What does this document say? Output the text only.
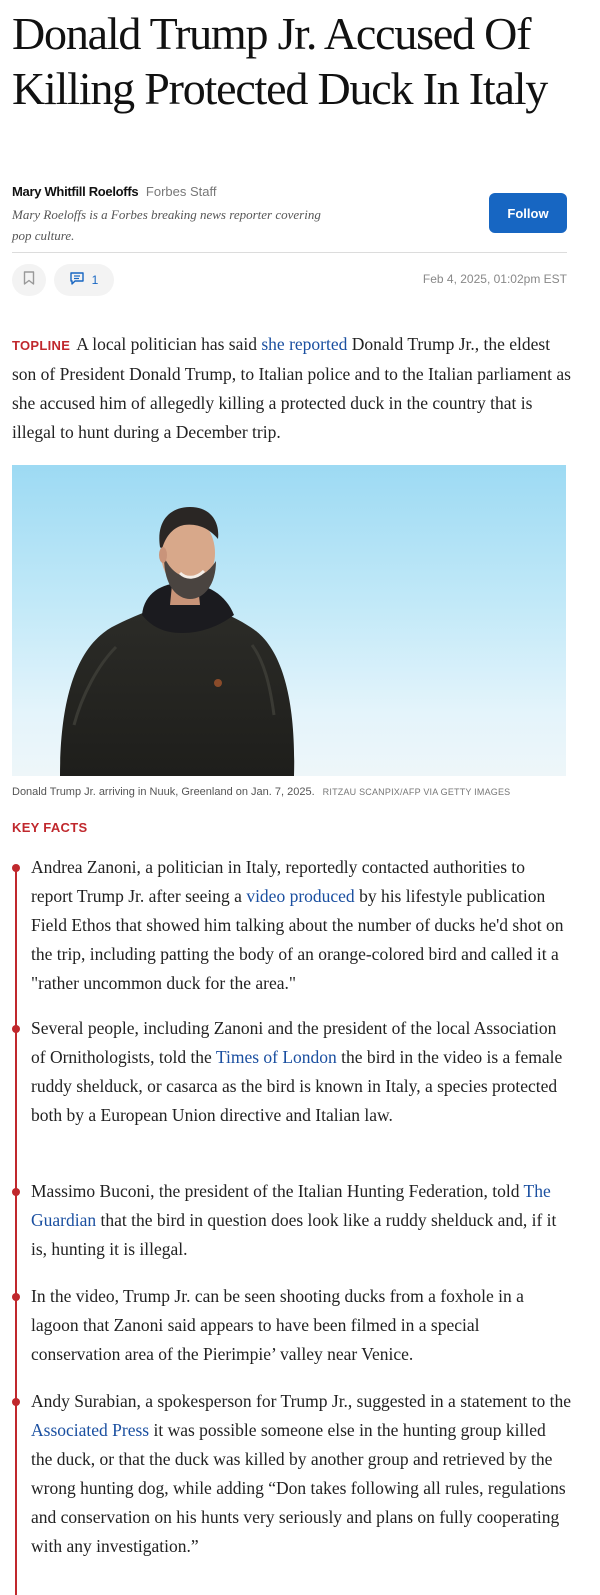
Donald Trump Jr. Accused Of Killing Protected Duck In Italy
Mary Whitfill Roeloffs Forbes Staff
Mary Roeloffs is a Forbes breaking news reporter covering pop culture.
Follow
1	Feb 4, 2025, 01:02pm EST

TOPLINE A local politician has said she reported Donald Trump Jr., the eldest son of President Donald Trump, to Italian police and to the Italian parliament as she accused him of allegedly killing a protected duck in the country that is illegal to hunt during a December trip.

Donald Trump Jr. arriving in Nuuk, Greenland on Jan. 7, 2025. RITZAU SCANPIX/AFP VIA GETTY IMAGES
KEY FACTS

Andrea Zanoni, a politician in Italy, reportedly contacted authorities to report Trump Jr. after seeing a video produced by his lifestyle publication Field Ethos that showed him talking about the number of ducks he'd shot on the trip, including patting the body of an orange-colored bird and called it a "rather uncommon duck for the area."

Several people, including Zanoni and the president of the local Association of Ornithologists, told the Times of London the bird in the video is a female ruddy shelduck, or casarca as the bird is known in Italy, a species protected both by a European Union directive and Italian law.

Massimo Buconi, the president of the Italian Hunting Federation, told The Guardian that the bird in question does look like a ruddy shelduck and, if it is, hunting it is illegal.

In the video, Trump Jr. can be seen shooting ducks from a foxhole in a lagoon that Zanoni said appears to have been filmed in a special conservation area of the Pierimpie’ valley near Venice.

Andy Surabian, a spokesperson for Trump Jr., suggested in a statement to the Associated Press it was possible someone else in the hunting group killed the duck, or that the duck was killed by another group and retrieved by the wrong hunting dog, while adding “Don takes following all rules, regulations and conservation on his hunts very seriously and plans on fully cooperating with any investigation.”
